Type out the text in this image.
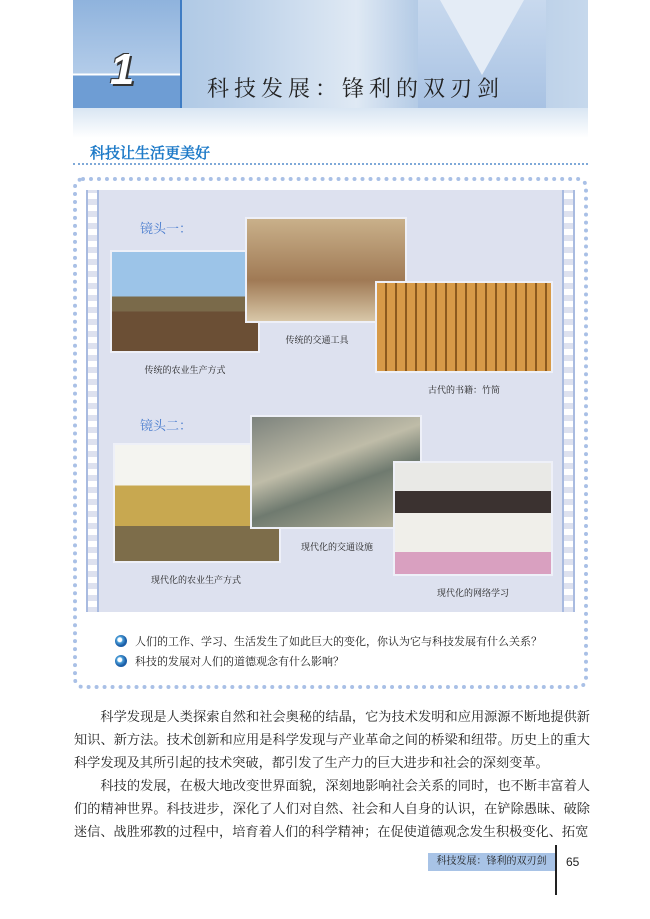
1	科技发展：锋利的双刃剑
科技让生活更美好
镜头一：
传统的农业生产方式
传统的交通工具
古代的书籍：竹简
镜头二：
现代化的农业生产方式
现代化的交通设施
现代化的网络学习
人们的工作、学习、生活发生了如此巨大的变化，你认为它与科技发展有什么关系？
科技的发展对人们的道德观念有什么影响？

科学发现是人类探索自然和社会奥秘的结晶，它为技术发明和应用源源不断地提供新知识、新方法。技术创新和应用是科学发现与产业革命之间的桥梁和纽带。历史上的重大科学发现及其所引起的技术突破，都引发了生产力的巨大进步和社会的深刻变革。

科技的发展，在极大地改变世界面貌，深刻地影响社会关系的同时，也不断丰富着人们的精神世界。科技进步，深化了人们对自然、社会和人自身的认识，在铲除愚昧、破除迷信、战胜邪教的过程中，培育着人们的科学精神；在促使道德观念发生积极变化、拓宽

科技发展：锋利的双刃剑	65
